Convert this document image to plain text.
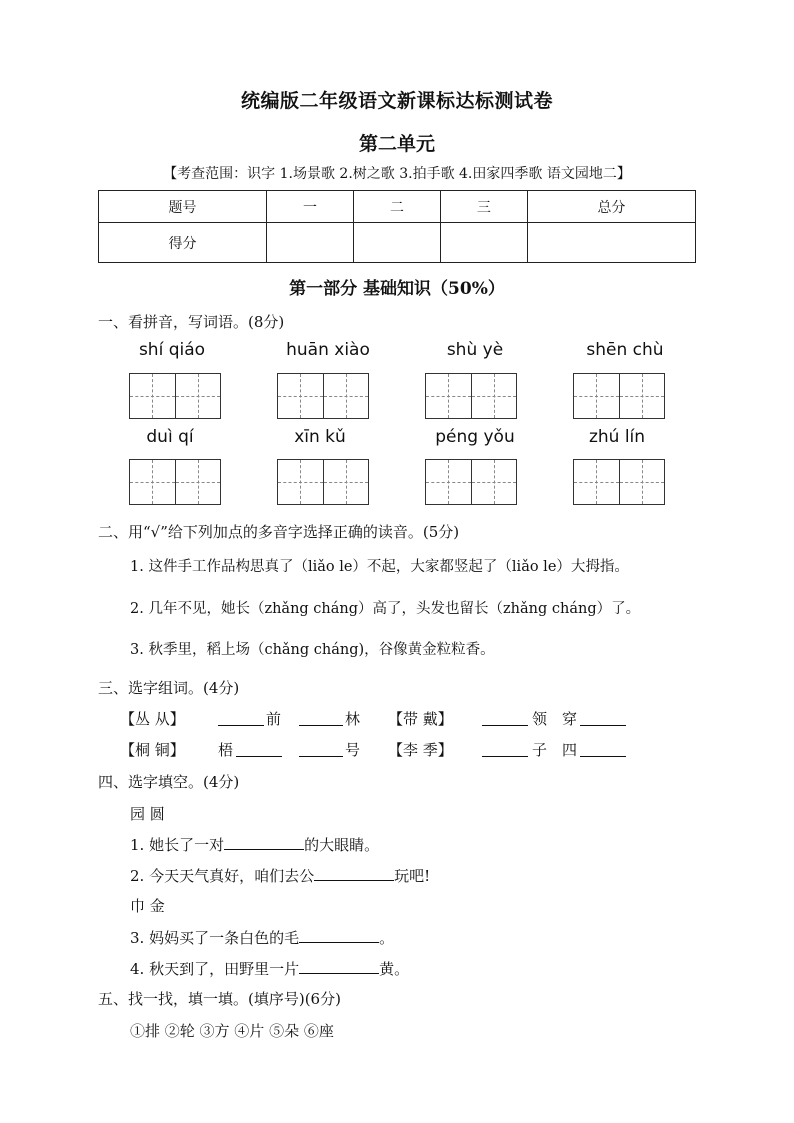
统编版二年级语文新课标达标测试卷
第二单元
【考查范围：识字 1.场景歌 2.树之歌 3.拍手歌 4.田家四季歌 语文园地二】
题号	一	二	三	总分
得分				
第一部分 基础知识（50%）
一、看拼音，写词语。(8分)
shí qiáo	huān xiào	shù yè	shēn chù
duì qí	xīn kǔ	péng yǒu	zhú lín
二、用“√”给下列加点的多音字选择正确的读音。(5分)
1. 这件手工作品构思真了（liǎo le）不起，大家都竖起了（liǎo le）大拇指。
2. 几年不见，她长（zhǎng cháng）高了，头发也留长（zhǎng cháng）了。
3. 秋季里，稻上场（chǎng cháng)，谷像黄金粒粒香。
三、选字组词。(4分)
【丛 从】	前	林 【带 戴】	领 穿
【桐 铜】 梧	号 【李 季】	子 四
四、选字填空。(4分)
园 圆
1. 她长了一对	的大眼睛。
2. 今天天气真好，咱们去公	玩吧!
巾 金
3. 妈妈买了一条白色的毛	。
4. 秋天到了，田野里一片	黄。
五、找一找，填一填。(填序号)(6分)
①排 ②轮 ③方 ④片 ⑤朵 ⑥座
